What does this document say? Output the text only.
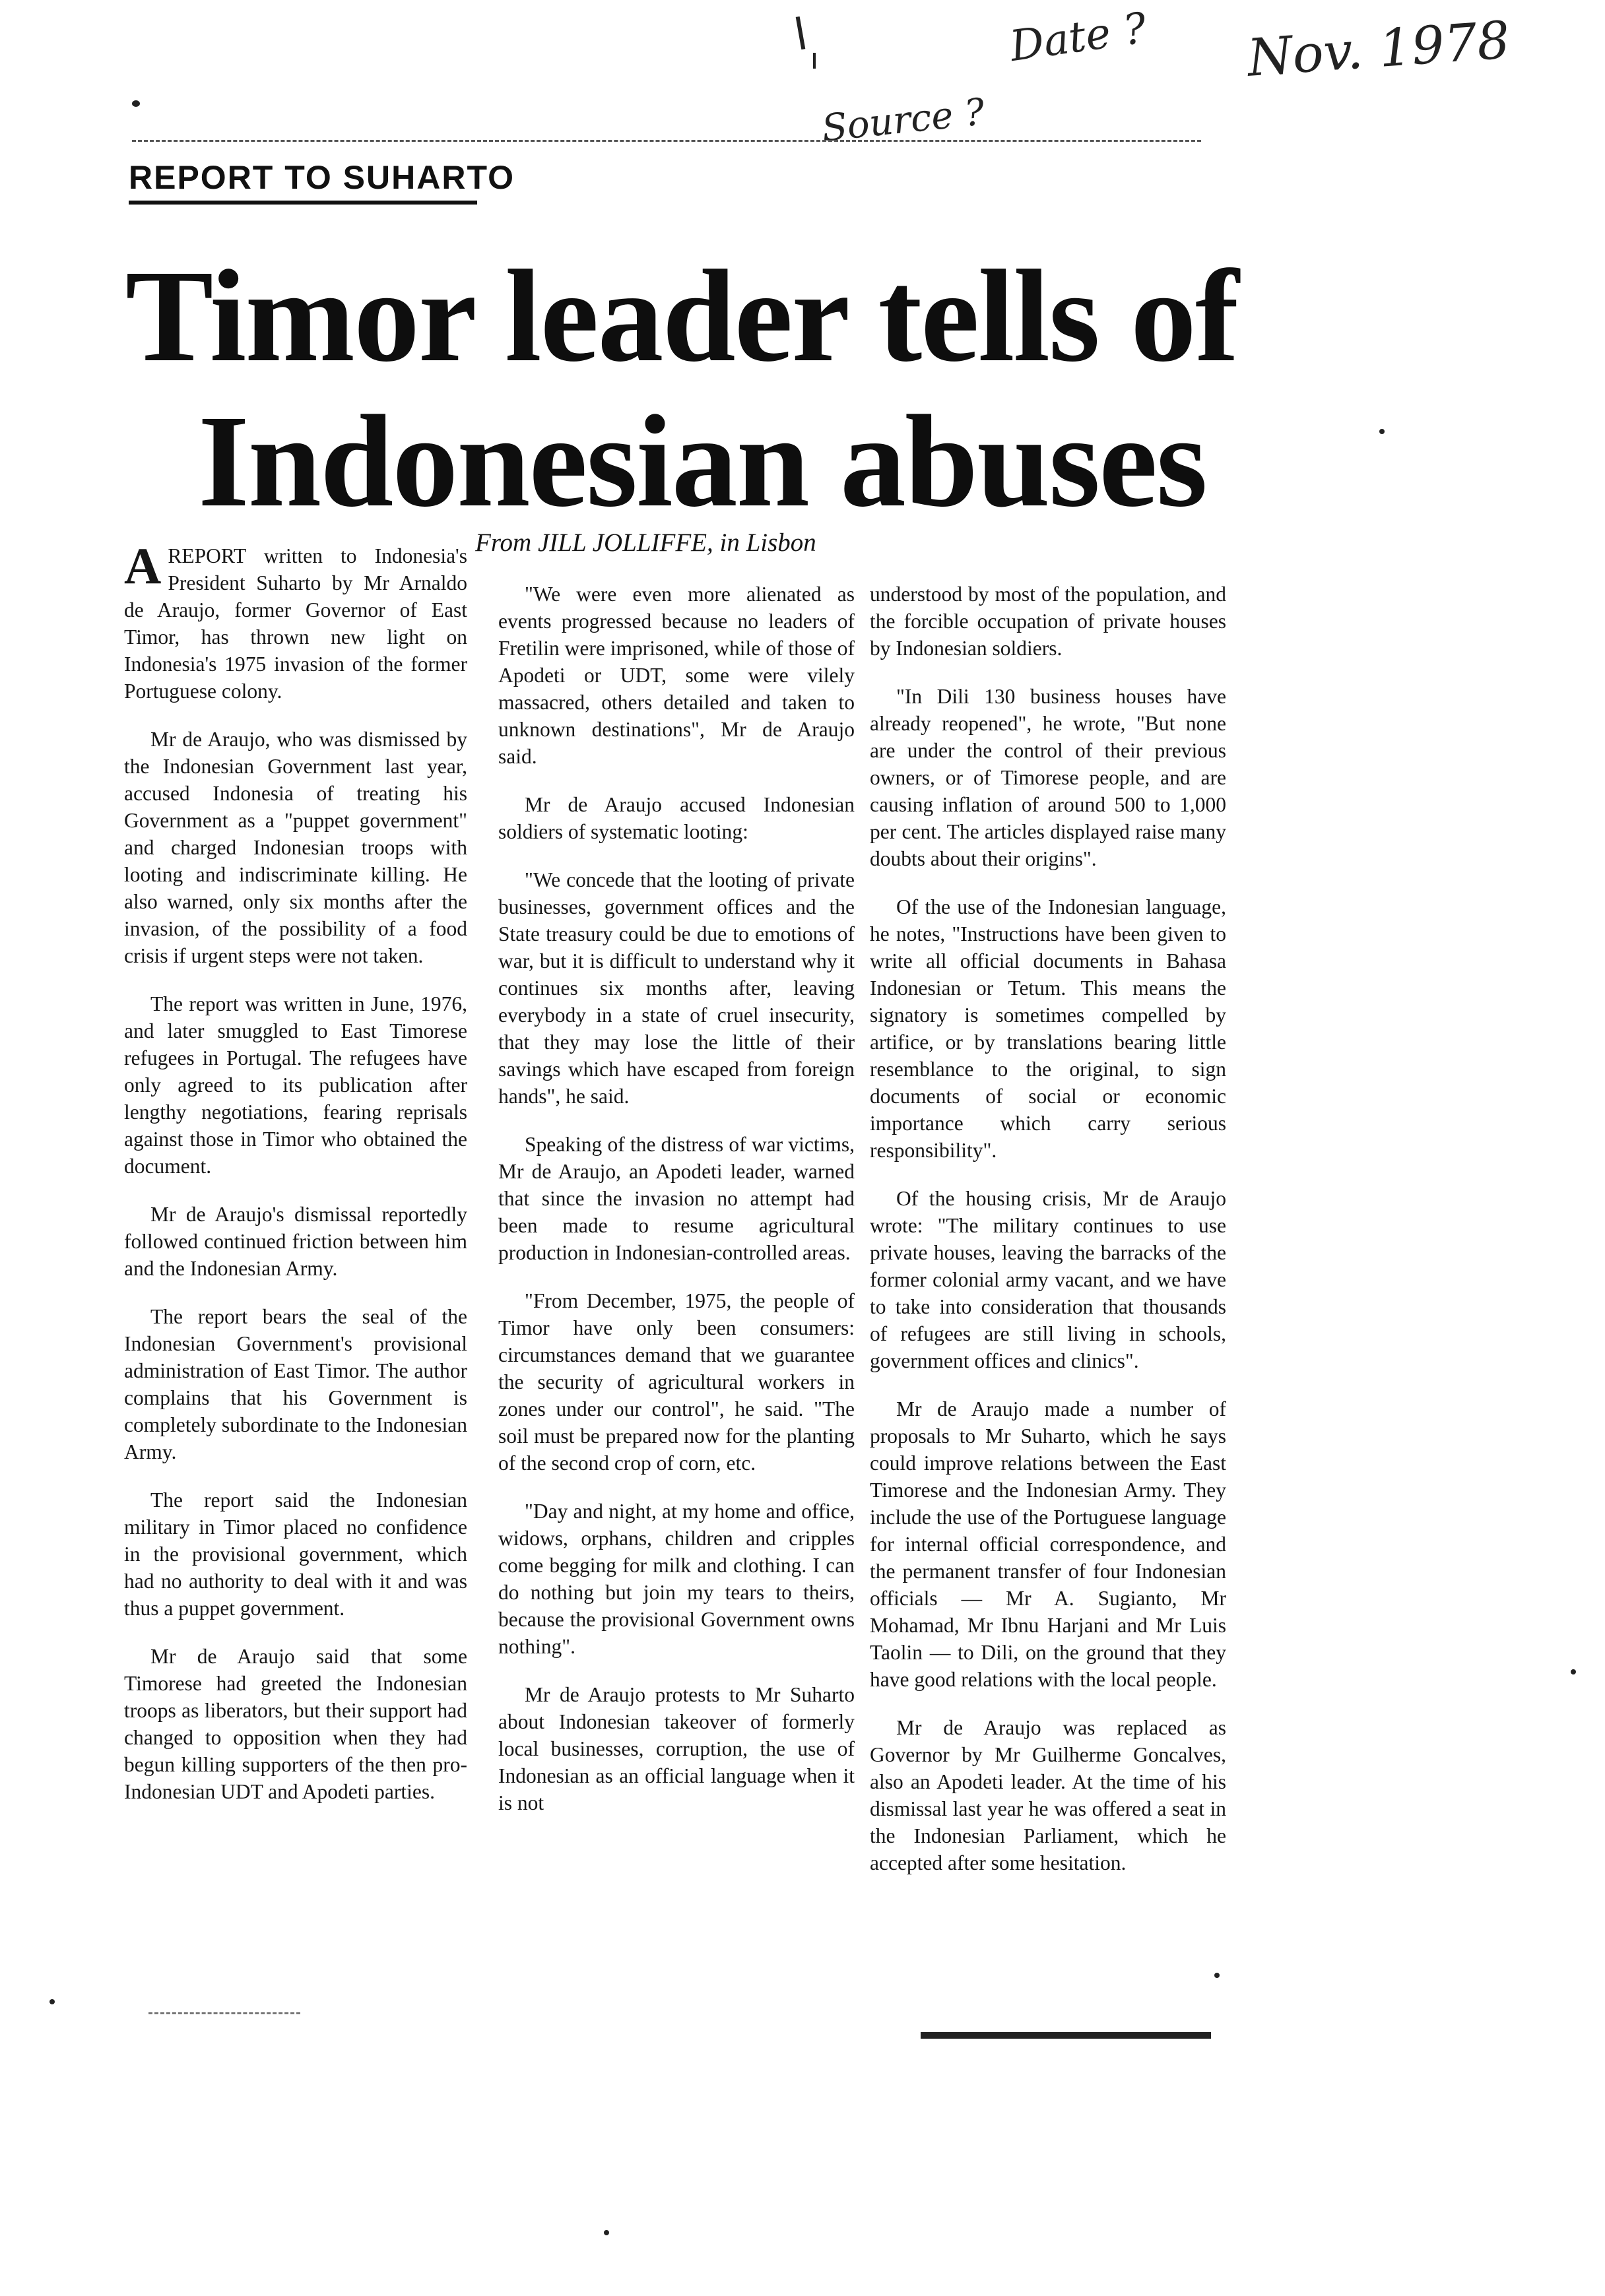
Date ?
Source ?
Nov. 1978
REPORT TO SUHARTO
Timor leader tells of
Indonesian abuses
From JILL JOLLIFFE, in Lisbon

AREPORT written to Indonesia's President Suharto by Mr Arnaldo de Araujo, former Governor of East Timor, has thrown new light on Indonesia's 1975 invasion of the former Portuguese colony.

Mr de Araujo, who was dismissed by the Indonesian Government last year, accused Indonesia of treating his Government as a "puppet government" and charged Indonesian troops with looting and indiscriminate killing. He also warned, only six months after the invasion, of the possibility of a food crisis if urgent steps were not taken.

The report was written in June, 1976, and later smuggled to East Timorese refugees in Portugal. The refugees have only agreed to its publication after lengthy negotiations, fearing reprisals against those in Timor who obtained the document.

Mr de Araujo's dismissal reportedly followed continued friction between him and the Indonesian Army.

The report bears the seal of the Indonesian Government's provisional administration of East Timor. The author complains that his Government is completely subordinate to the Indonesian Army.

The report said the Indonesian military in Timor placed no confidence in the provisional government, which had no authority to deal with it and was thus a puppet government.

Mr de Araujo said that some Timorese had greeted the Indonesian troops as liberators, but their support had changed to opposition when they had begun killing supporters of the then pro-Indonesian UDT and Apodeti parties.

"We were even more alienated as events progressed because no leaders of Fretilin were imprisoned, while of those of Apodeti or UDT, some were vilely massacred, others detailed and taken to unknown destinations", Mr de Araujo said.

Mr de Araujo accused Indonesian soldiers of systematic looting:

"We concede that the looting of private businesses, government offices and the State treasury could be due to emotions of war, but it is difficult to understand why it continues six months after, leaving everybody in a state of cruel insecurity, that they may lose the little of their savings which have escaped from foreign hands", he said.

Speaking of the distress of war victims, Mr de Araujo, an Apodeti leader, warned that since the invasion no attempt had been made to resume agricultural production in Indonesian-controlled areas.

"From December, 1975, the people of Timor have only been consumers: circumstances demand that we guarantee the security of agricultural workers in zones under our control", he said. "The soil must be prepared now for the planting of the second crop of corn, etc.

"Day and night, at my home and office, widows, orphans, children and cripples come begging for milk and clothing. I can do nothing but join my tears to theirs, because the provisional Government owns nothing".

Mr de Araujo protests to Mr Suharto about Indonesian takeover of formerly local businesses, corruption, the use of Indonesian as an official language when it is not

understood by most of the population, and the forcible occupation of private houses by Indonesian soldiers.

"In Dili 130 business houses have already reopened", he wrote, "But none are under the control of their previous owners, or of Timorese people, and are causing inflation of around 500 to 1,000 per cent. The articles displayed raise many doubts about their origins".

Of the use of the Indonesian language, he notes, "Instructions have been given to write all official documents in Bahasa Indonesian or Tetum. This means the signatory is sometimes compelled by artifice, or by translations bearing little resemblance to the original, to sign documents of social or economic importance which carry serious responsibility".

Of the housing crisis, Mr de Araujo wrote: "The military continues to use private houses, leaving the barracks of the former colonial army vacant, and we have to take into consideration that thousands of refugees are still living in schools, government offices and clinics".

Mr de Araujo made a number of proposals to Mr Suharto, which he says could improve relations between the East Timorese and the Indonesian Army. They include the use of the Portuguese language for internal official correspondence, and the permanent transfer of four Indonesian officials — Mr A. Sugianto, Mr Mohamad, Mr Ibnu Harjani and Mr Luis Taolin — to Dili, on the ground that they have good relations with the local people.

Mr de Araujo was replaced as Governor by Mr Guilherme Goncalves, also an Apodeti leader. At the time of his dismissal last year he was offered a seat in the Indonesian Parliament, which he accepted after some hesitation.
